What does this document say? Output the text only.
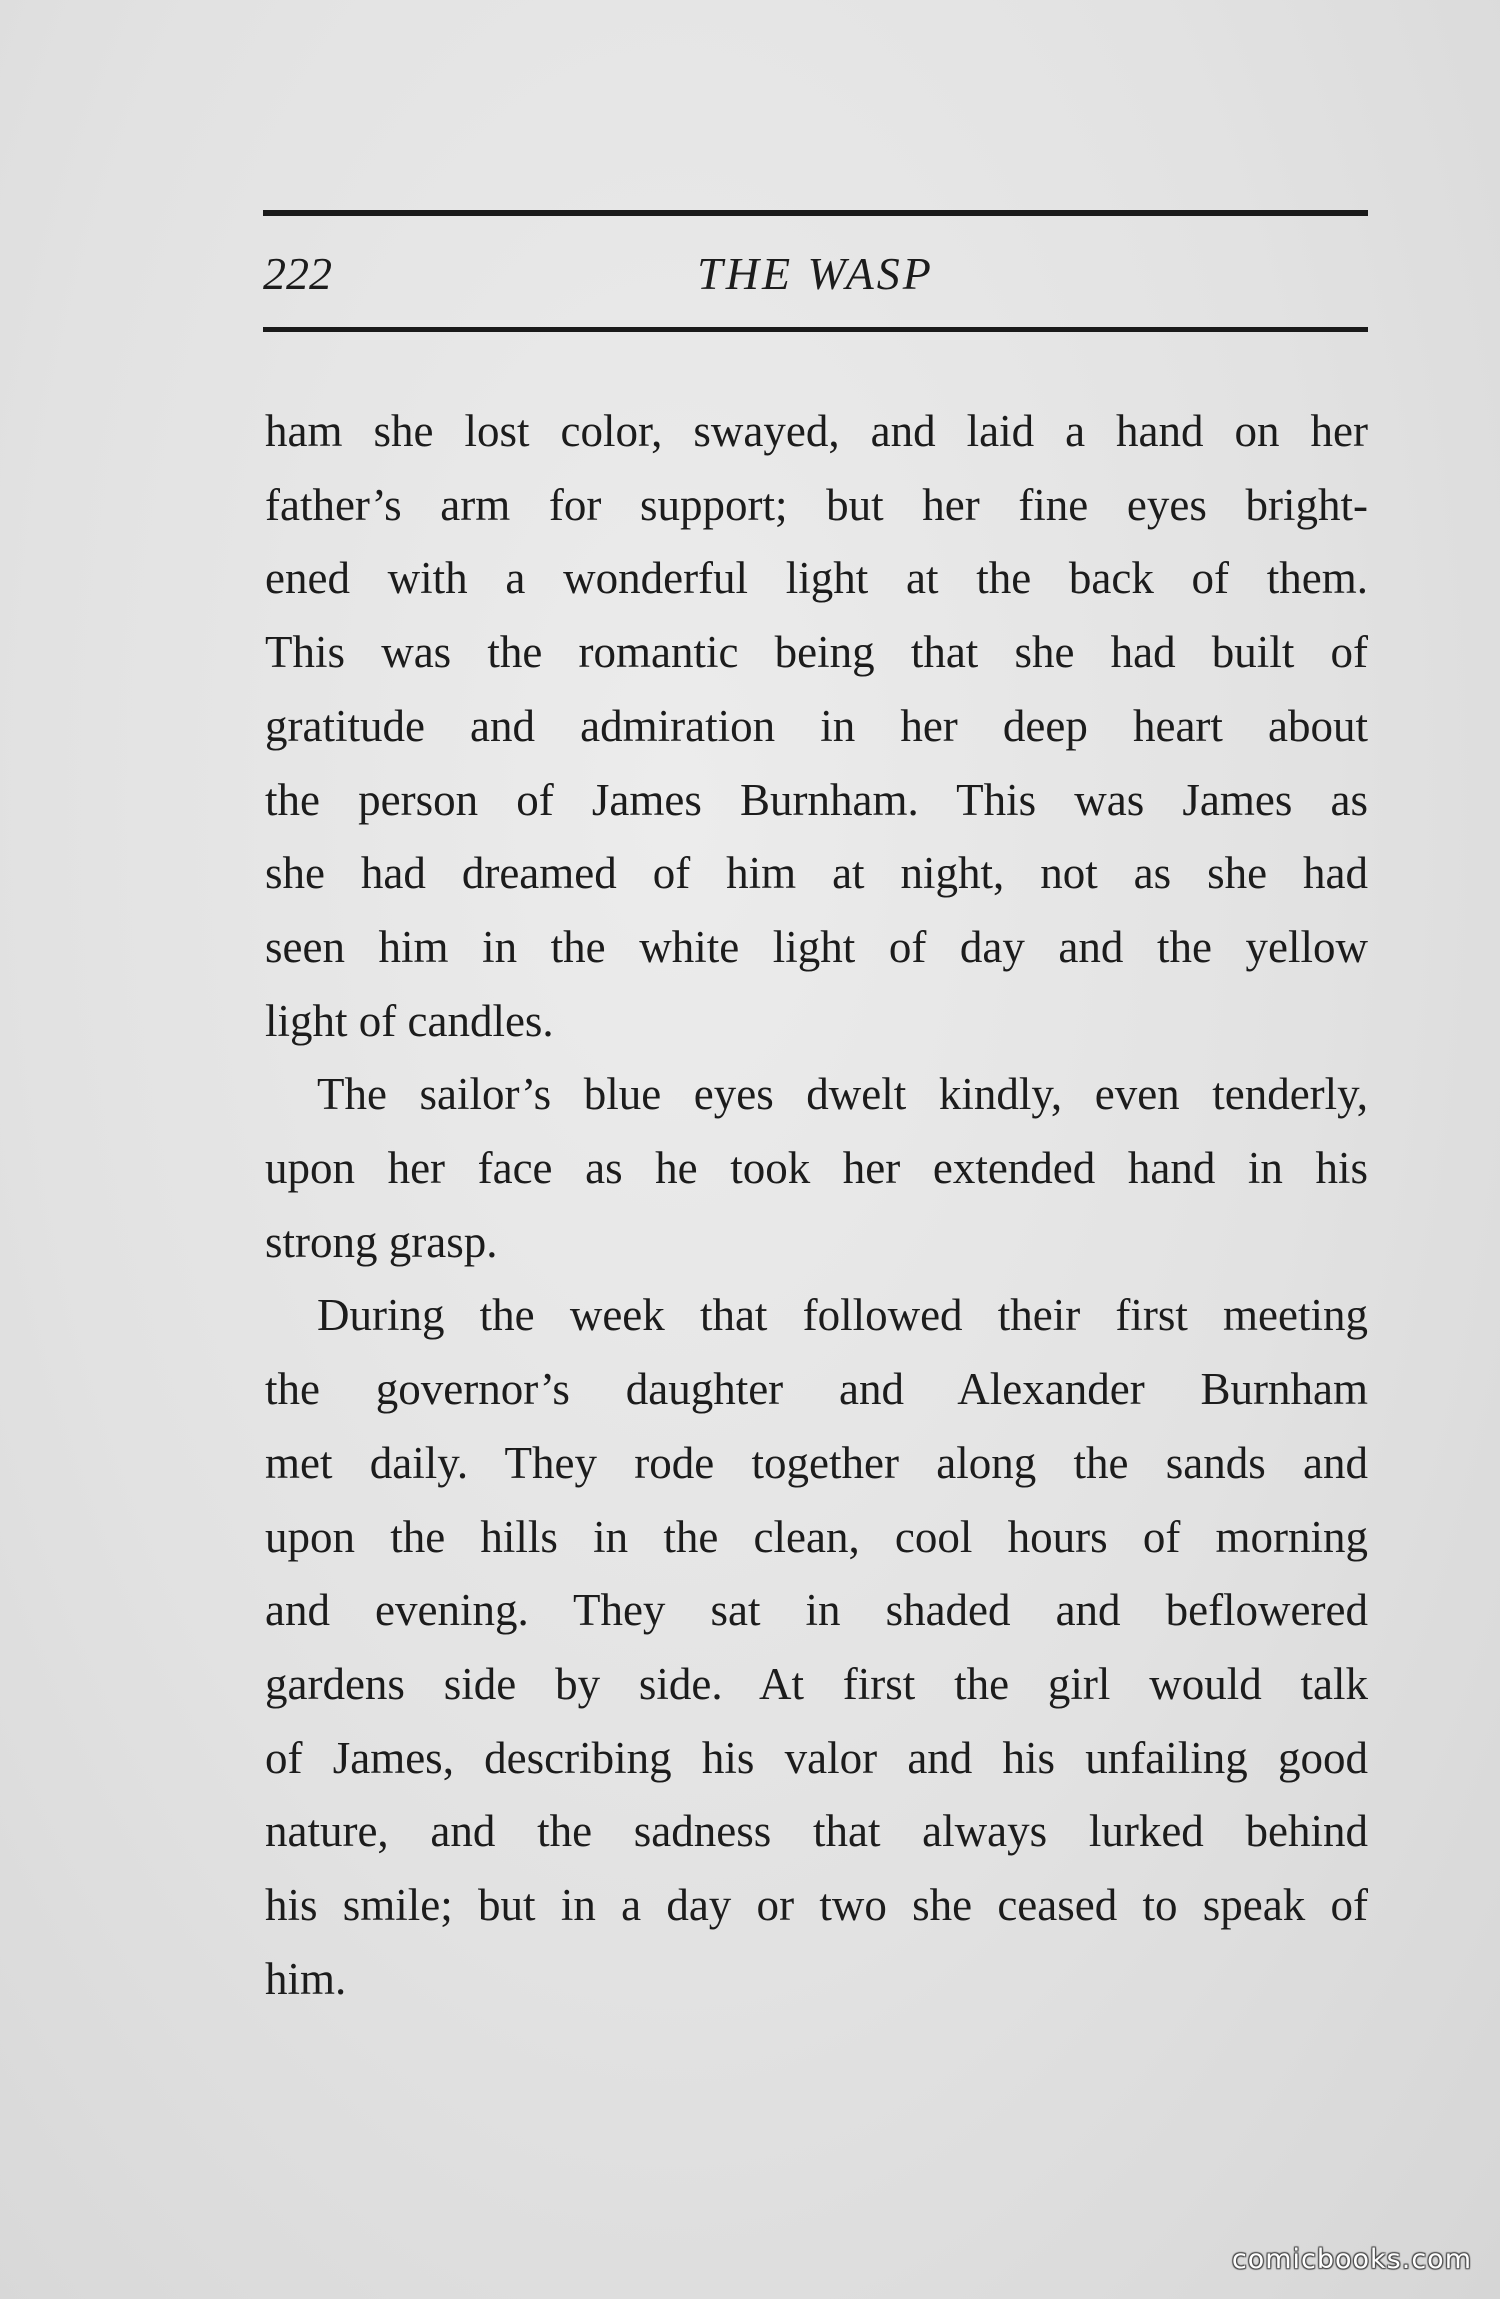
222	THE WASP

ham she lost color, swayed, and laid a hand on her
father’s arm for support; but her fine eyes bright-
ened with a wonderful light at the back of them.
This was the romantic being that she had built of
gratitude and admiration in her deep heart about
the person of James Burnham. This was James as
she had dreamed of him at night, not as she had
seen him in the white light of day and the yellow
light of candles.

The sailor’s blue eyes dwelt kindly, even tenderly,
upon her face as he took her extended hand in his
strong grasp.

During the week that followed their first meeting
the governor’s daughter and Alexander Burnham
met daily. They rode together along the sands and
upon the hills in the clean, cool hours of morning
and evening. They sat in shaded and beflowered
gardens side by side. At first the girl would talk
of James, describing his valor and his unfailing good
nature, and the sadness that always lurked behind
his smile; but in a day or two she ceased to speak of
him.

comicbooks.com
